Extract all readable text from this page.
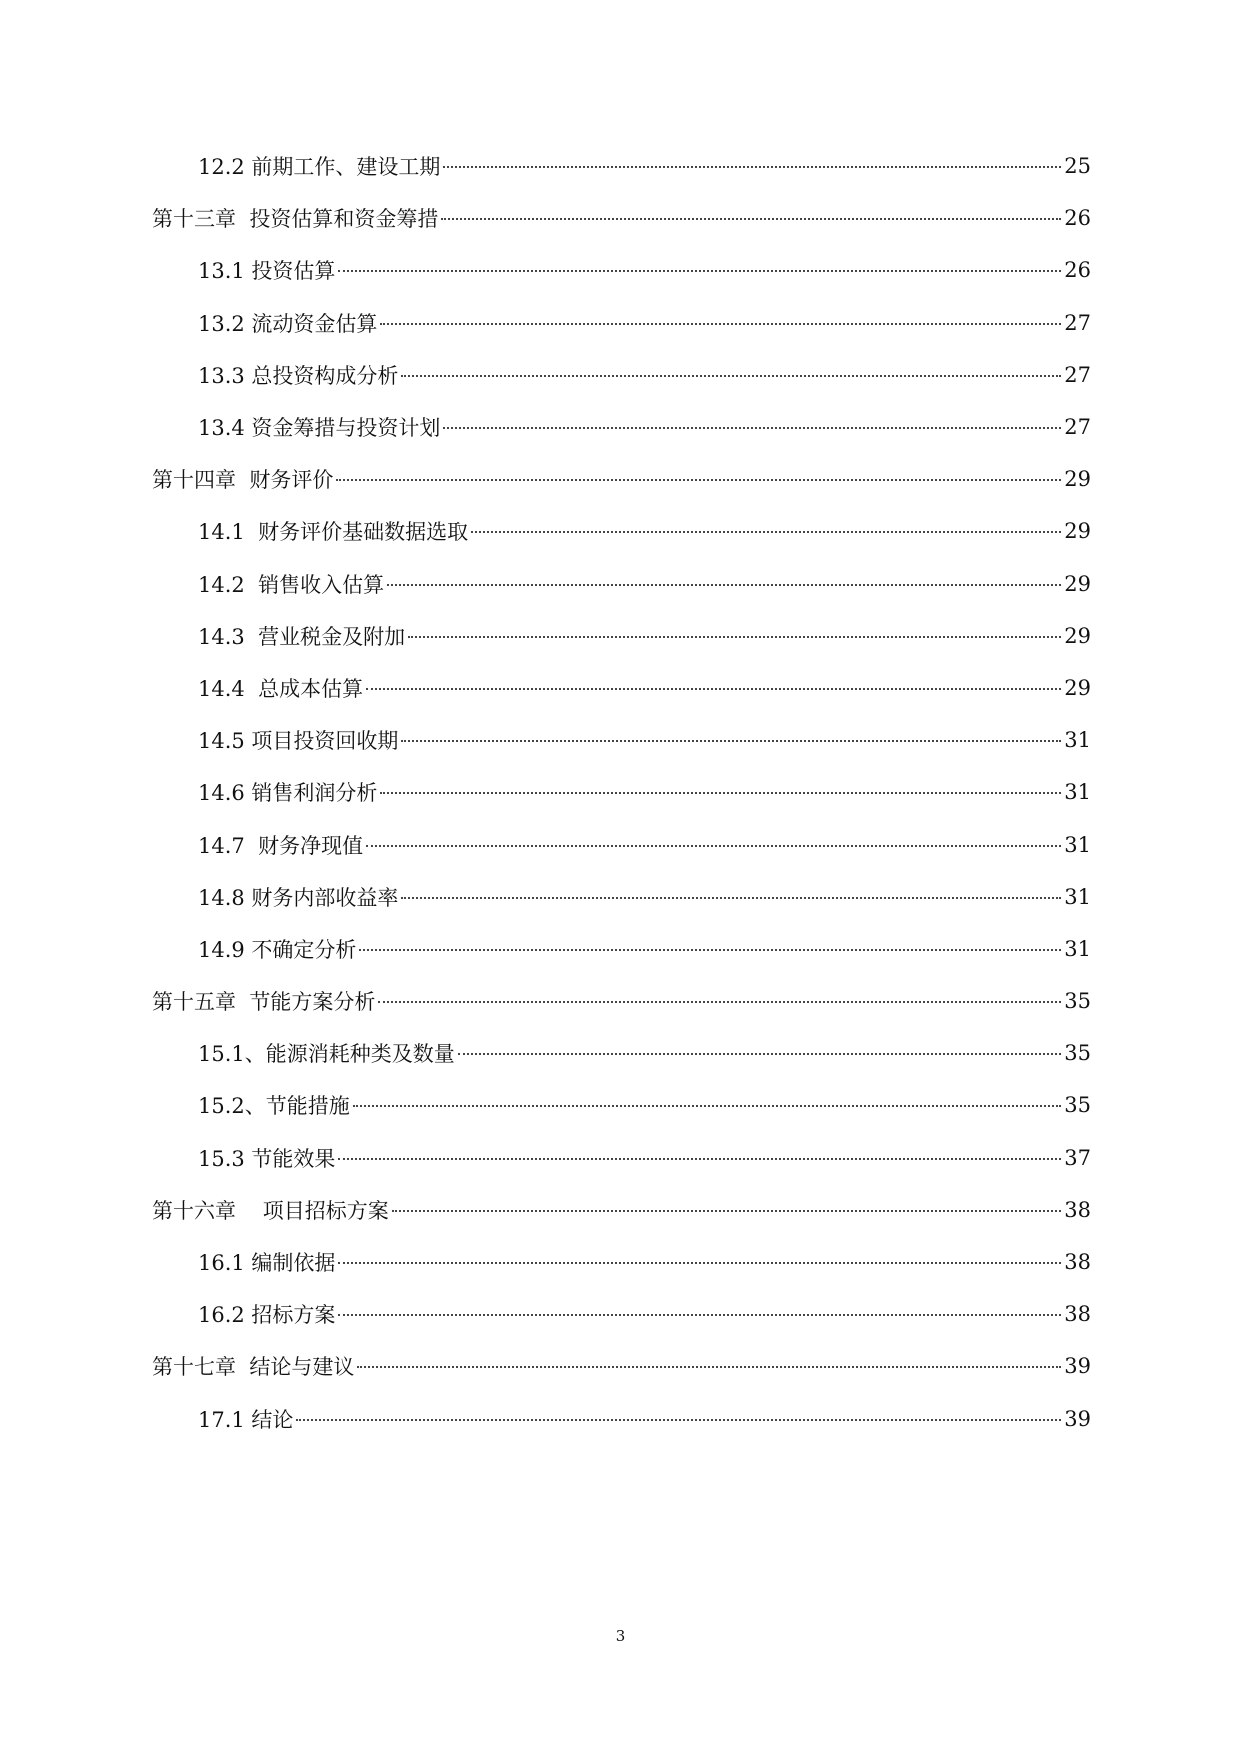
12.2 前期工作、建设工期	25
第十三章  投资估算和资金筹措	26
13.1 投资估算	26
13.2 流动资金估算	27
13.3 总投资构成分析	27
13.4 资金筹措与投资计划	27
第十四章  财务评价	29
14.1  财务评价基础数据选取	29
14.2  销售收入估算	29
14.3  营业税金及附加	29
14.4  总成本估算	29
14.5 项目投资回收期	31
14.6 销售利润分析	31
14.7  财务净现值	31
14.8 财务内部收益率	31
14.9 不确定分析	31
第十五章  节能方案分析	35
15.1、能源消耗种类及数量	35
15.2、节能措施	35
15.3 节能效果	37
第十六章    项目招标方案	38
16.1 编制依据	38
16.2 招标方案	38
第十七章  结论与建议	39
17.1 结论	39
3
